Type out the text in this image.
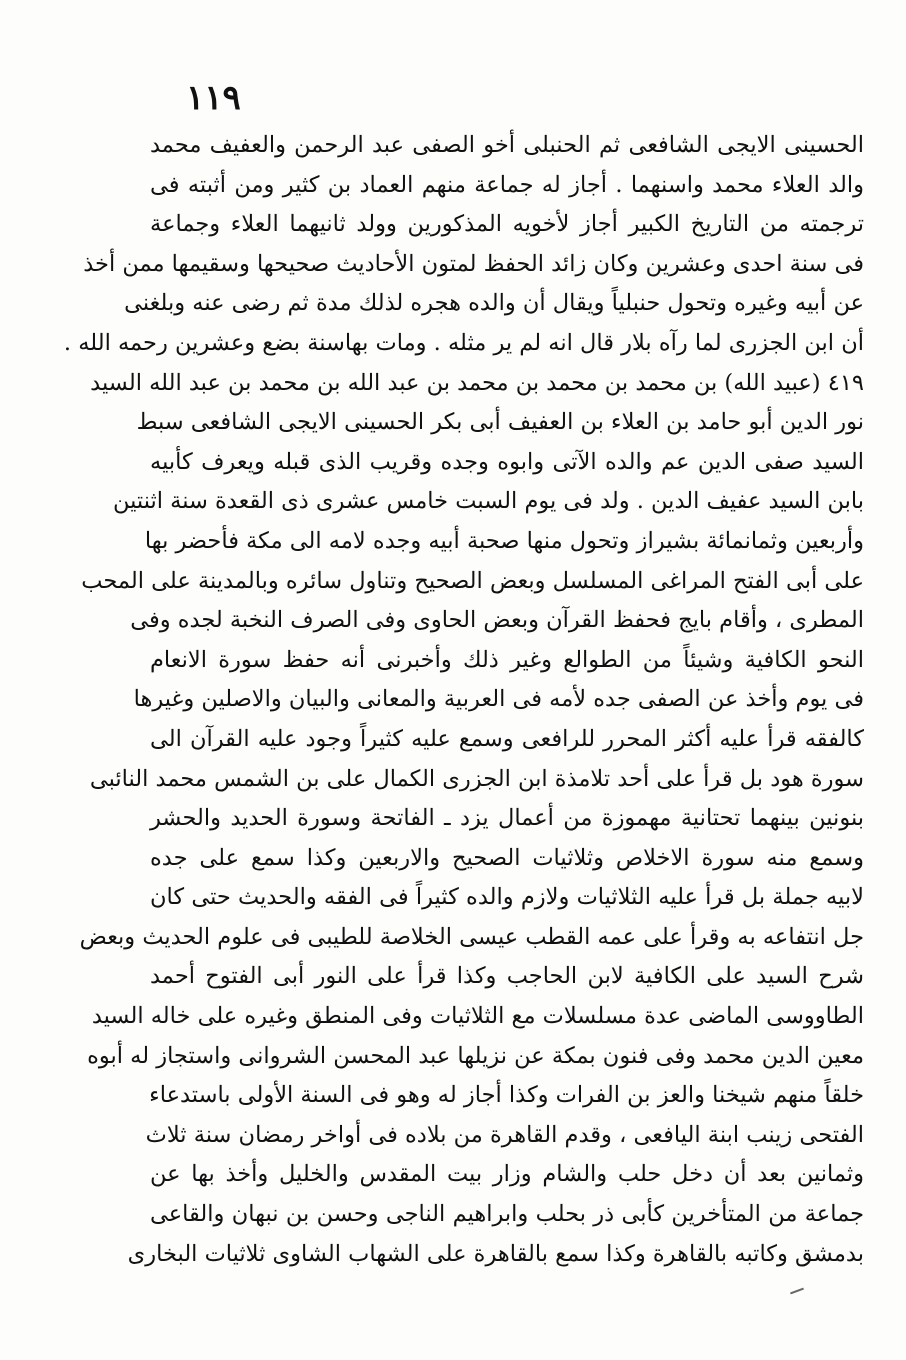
١١٩
الحسينى الايجى الشافعى ثم الحنبلى أخو الصفى عبد الرحمن والعفيف محمد
والد العلاء محمد واسنهما . أجاز له جماعة منهم العماد بن كثير ومن أثبته فى
ترجمته من التاريخ الكبير أجاز لأخويه المذكورين وولد ثانيهما العلاء وجماعة
فى سنة احدى وعشرين وكان زائد الحفظ لمتون الأحاديث صحيحها وسقيمها ممن أخذ
عن أبيه وغيره وتحول حنبلياً ويقال أن والده هجره لذلك مدة ثم رضى عنه وبلغنى
أن ابن الجزرى لما رآه بلار قال انه لم ير مثله . ومات بهاسنة بضع وعشرين رحمه الله .
٤١٩ (عبيد الله) بن محمد بن محمد بن محمد بن عبد الله بن محمد بن عبد الله السيد
نور الدين أبو حامد بن العلاء بن العفيف أبى بكر الحسينى الايجى الشافعى سبط
السيد صفى الدين عم والده الآتى وابوه وجده وقريب الذى قبله ويعرف كأبيه
بابن السيد عفيف الدين . ولد فى يوم السبت خامس عشرى ذى القعدة سنة اثنتين
وأربعين وثمانمائة بشيراز وتحول منها صحبة أبيه وجده لامه الى مكة فأحضر بها
على أبى الفتح المراغى المسلسل وبعض الصحيح وتناول سائره وبالمدينة على المحب
المطرى ، وأقام بايج فحفظ القرآن وبعض الحاوى وفى الصرف النخبة لجده وفى
النحو الكافية وشيئاً من الطوالع وغير ذلك وأخبرنى أنه حفظ سورة الانعام
فى يوم وأخذ عن الصفى جده لأمه فى العربية والمعانى والبيان والاصلين وغيرها
كالفقه قرأ عليه أكثر المحرر للرافعى وسمع عليه كثيراً وجود عليه القرآن الى
سورة هود بل قرأ على أحد تلامذة ابن الجزرى الكمال على بن الشمس محمد النائبى
بنونين بينهما تحتانية مهموزة من أعمال يزد ـ الفاتحة وسورة الحديد والحشر
وسمع منه سورة الاخلاص وثلاثيات الصحيح والاربعين وكذا سمع على جده
لابيه جملة بل قرأ عليه الثلاثيات ولازم والده كثيراً فى الفقه والحديث حتى كان
جل انتفاعه به وقرأ على عمه القطب عيسى الخلاصة للطيبى فى علوم الحديث وبعض
شرح السيد على الكافية لابن الحاجب وكذا قرأ على النور أبى الفتوح أحمد
الطاووسى الماضى عدة مسلسلات مع الثلاثيات وفى المنطق وغيره على خاله السيد
معين الدين محمد وفى فنون بمكة عن نزيلها عبد المحسن الشروانى واستجاز له أبوه
خلقاً منهم شيخنا والعز بن الفرات وكذا أجاز له وهو فى السنة الأولى باستدعاء
الفتحى زينب ابنة اليافعى ، وقدم القاهرة من بلاده فى أواخر رمضان سنة ثلاث
وثمانين بعد أن دخل حلب والشام وزار بيت المقدس والخليل وأخذ بها عن
جماعة من المتأخرين كأبى ذر بحلب وابراهيم الناجى وحسن بن نبهان والقاعى
بدمشق وكاتبه بالقاهرة وكذا سمع بالقاهرة على الشهاب الشاوى ثلاثيات البخارى
